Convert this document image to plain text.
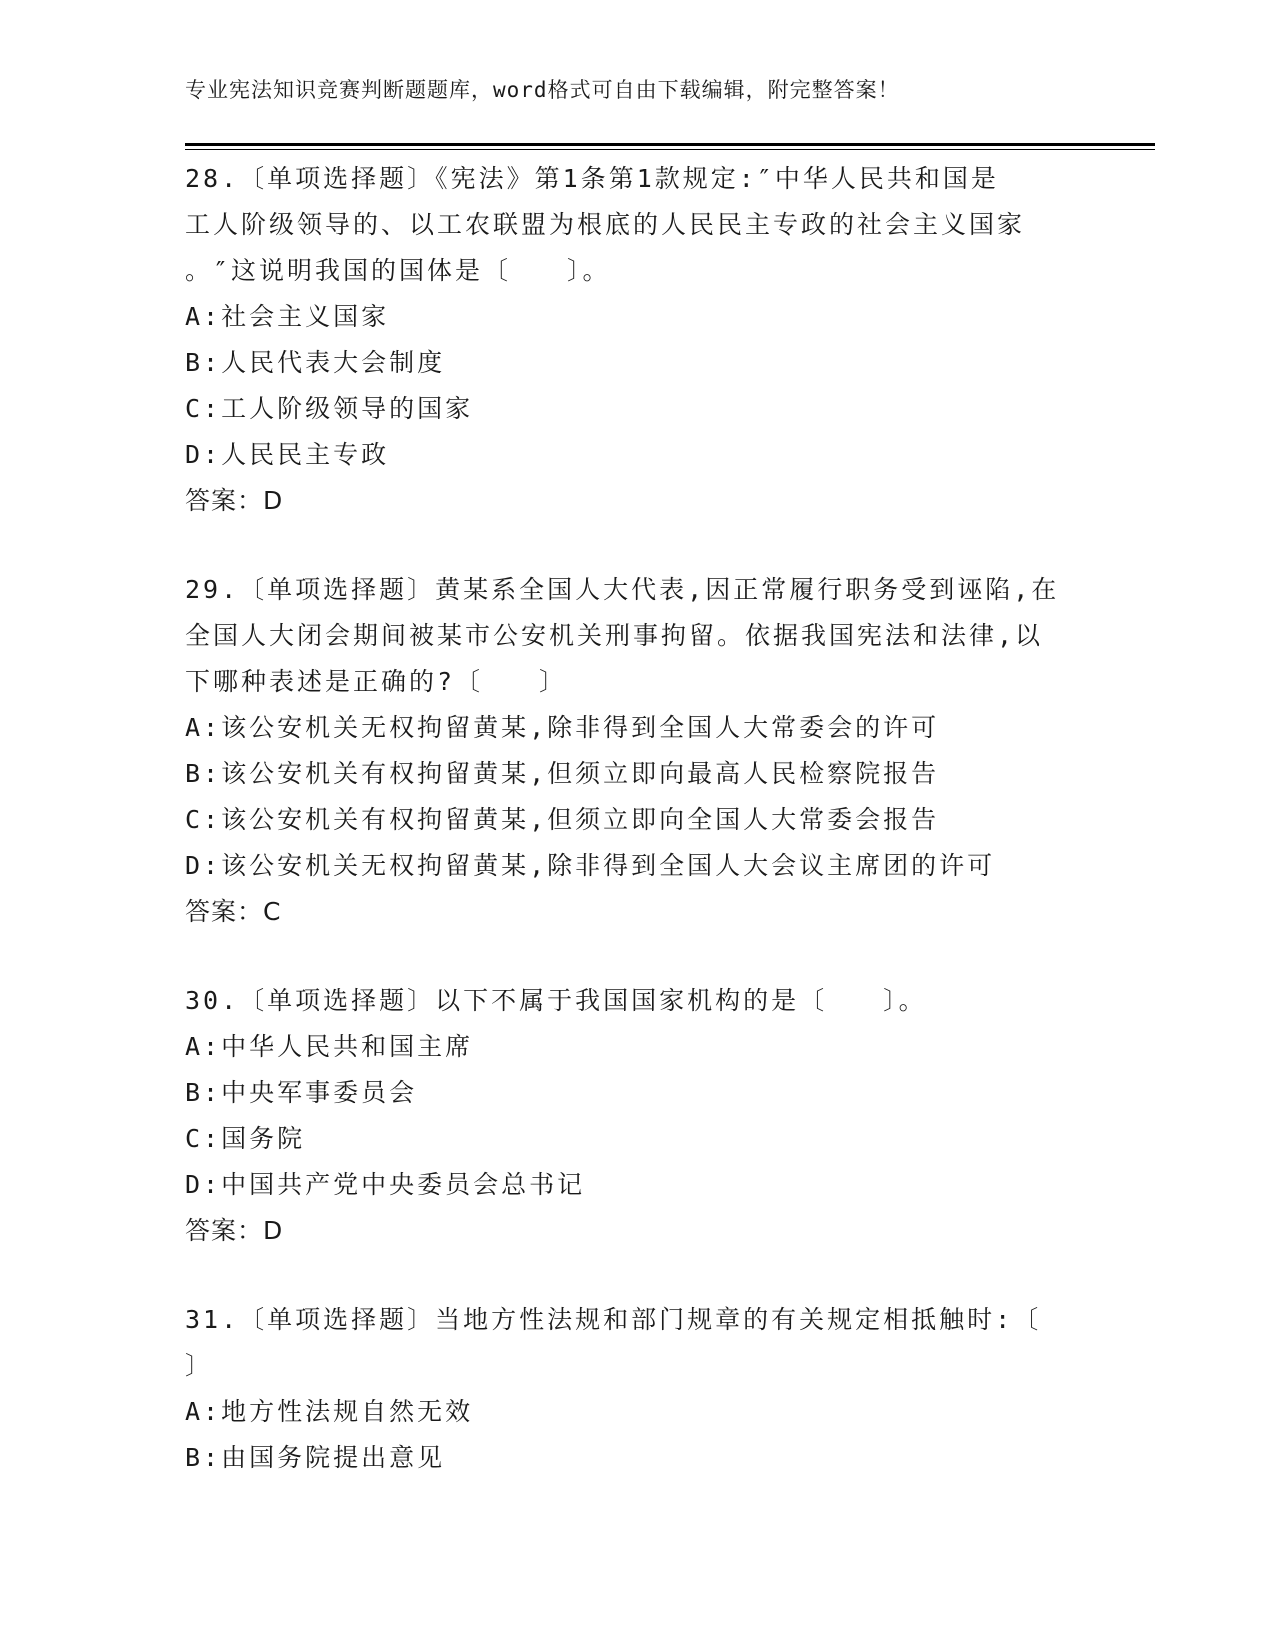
专业宪法知识竞赛判断题题库，word格式可自由下载编辑，附完整答案！
28.〔单项选择题〕《宪法》第1条第1款规定:″中华人民共和国是
工人阶级领导的、以工农联盟为根底的人民民主专政的社会主义国家
。″这说明我国的国体是〔　　〕。
A:社会主义国家
B:人民代表大会制度
C:工人阶级领导的国家
D:人民民主专政
答案：D
29.〔单项选择题〕黄某系全国人大代表,因正常履行职务受到诬陷,在
全国人大闭会期间被某市公安机关刑事拘留。依据我国宪法和法律,以
下哪种表述是正确的?〔　　〕
A:该公安机关无权拘留黄某,除非得到全国人大常委会的许可
B:该公安机关有权拘留黄某,但须立即向最高人民检察院报告
C:该公安机关有权拘留黄某,但须立即向全国人大常委会报告
D:该公安机关无权拘留黄某,除非得到全国人大会议主席团的许可
答案：C
30.〔单项选择题〕以下不属于我国国家机构的是〔　　〕。
A:中华人民共和国主席
B:中央军事委员会
C:国务院
D:中国共产党中央委员会总书记
答案：D
31.〔单项选择题〕当地方性法规和部门规章的有关规定相抵触时:〔
〕
A:地方性法规自然无效
B:由国务院提出意见
